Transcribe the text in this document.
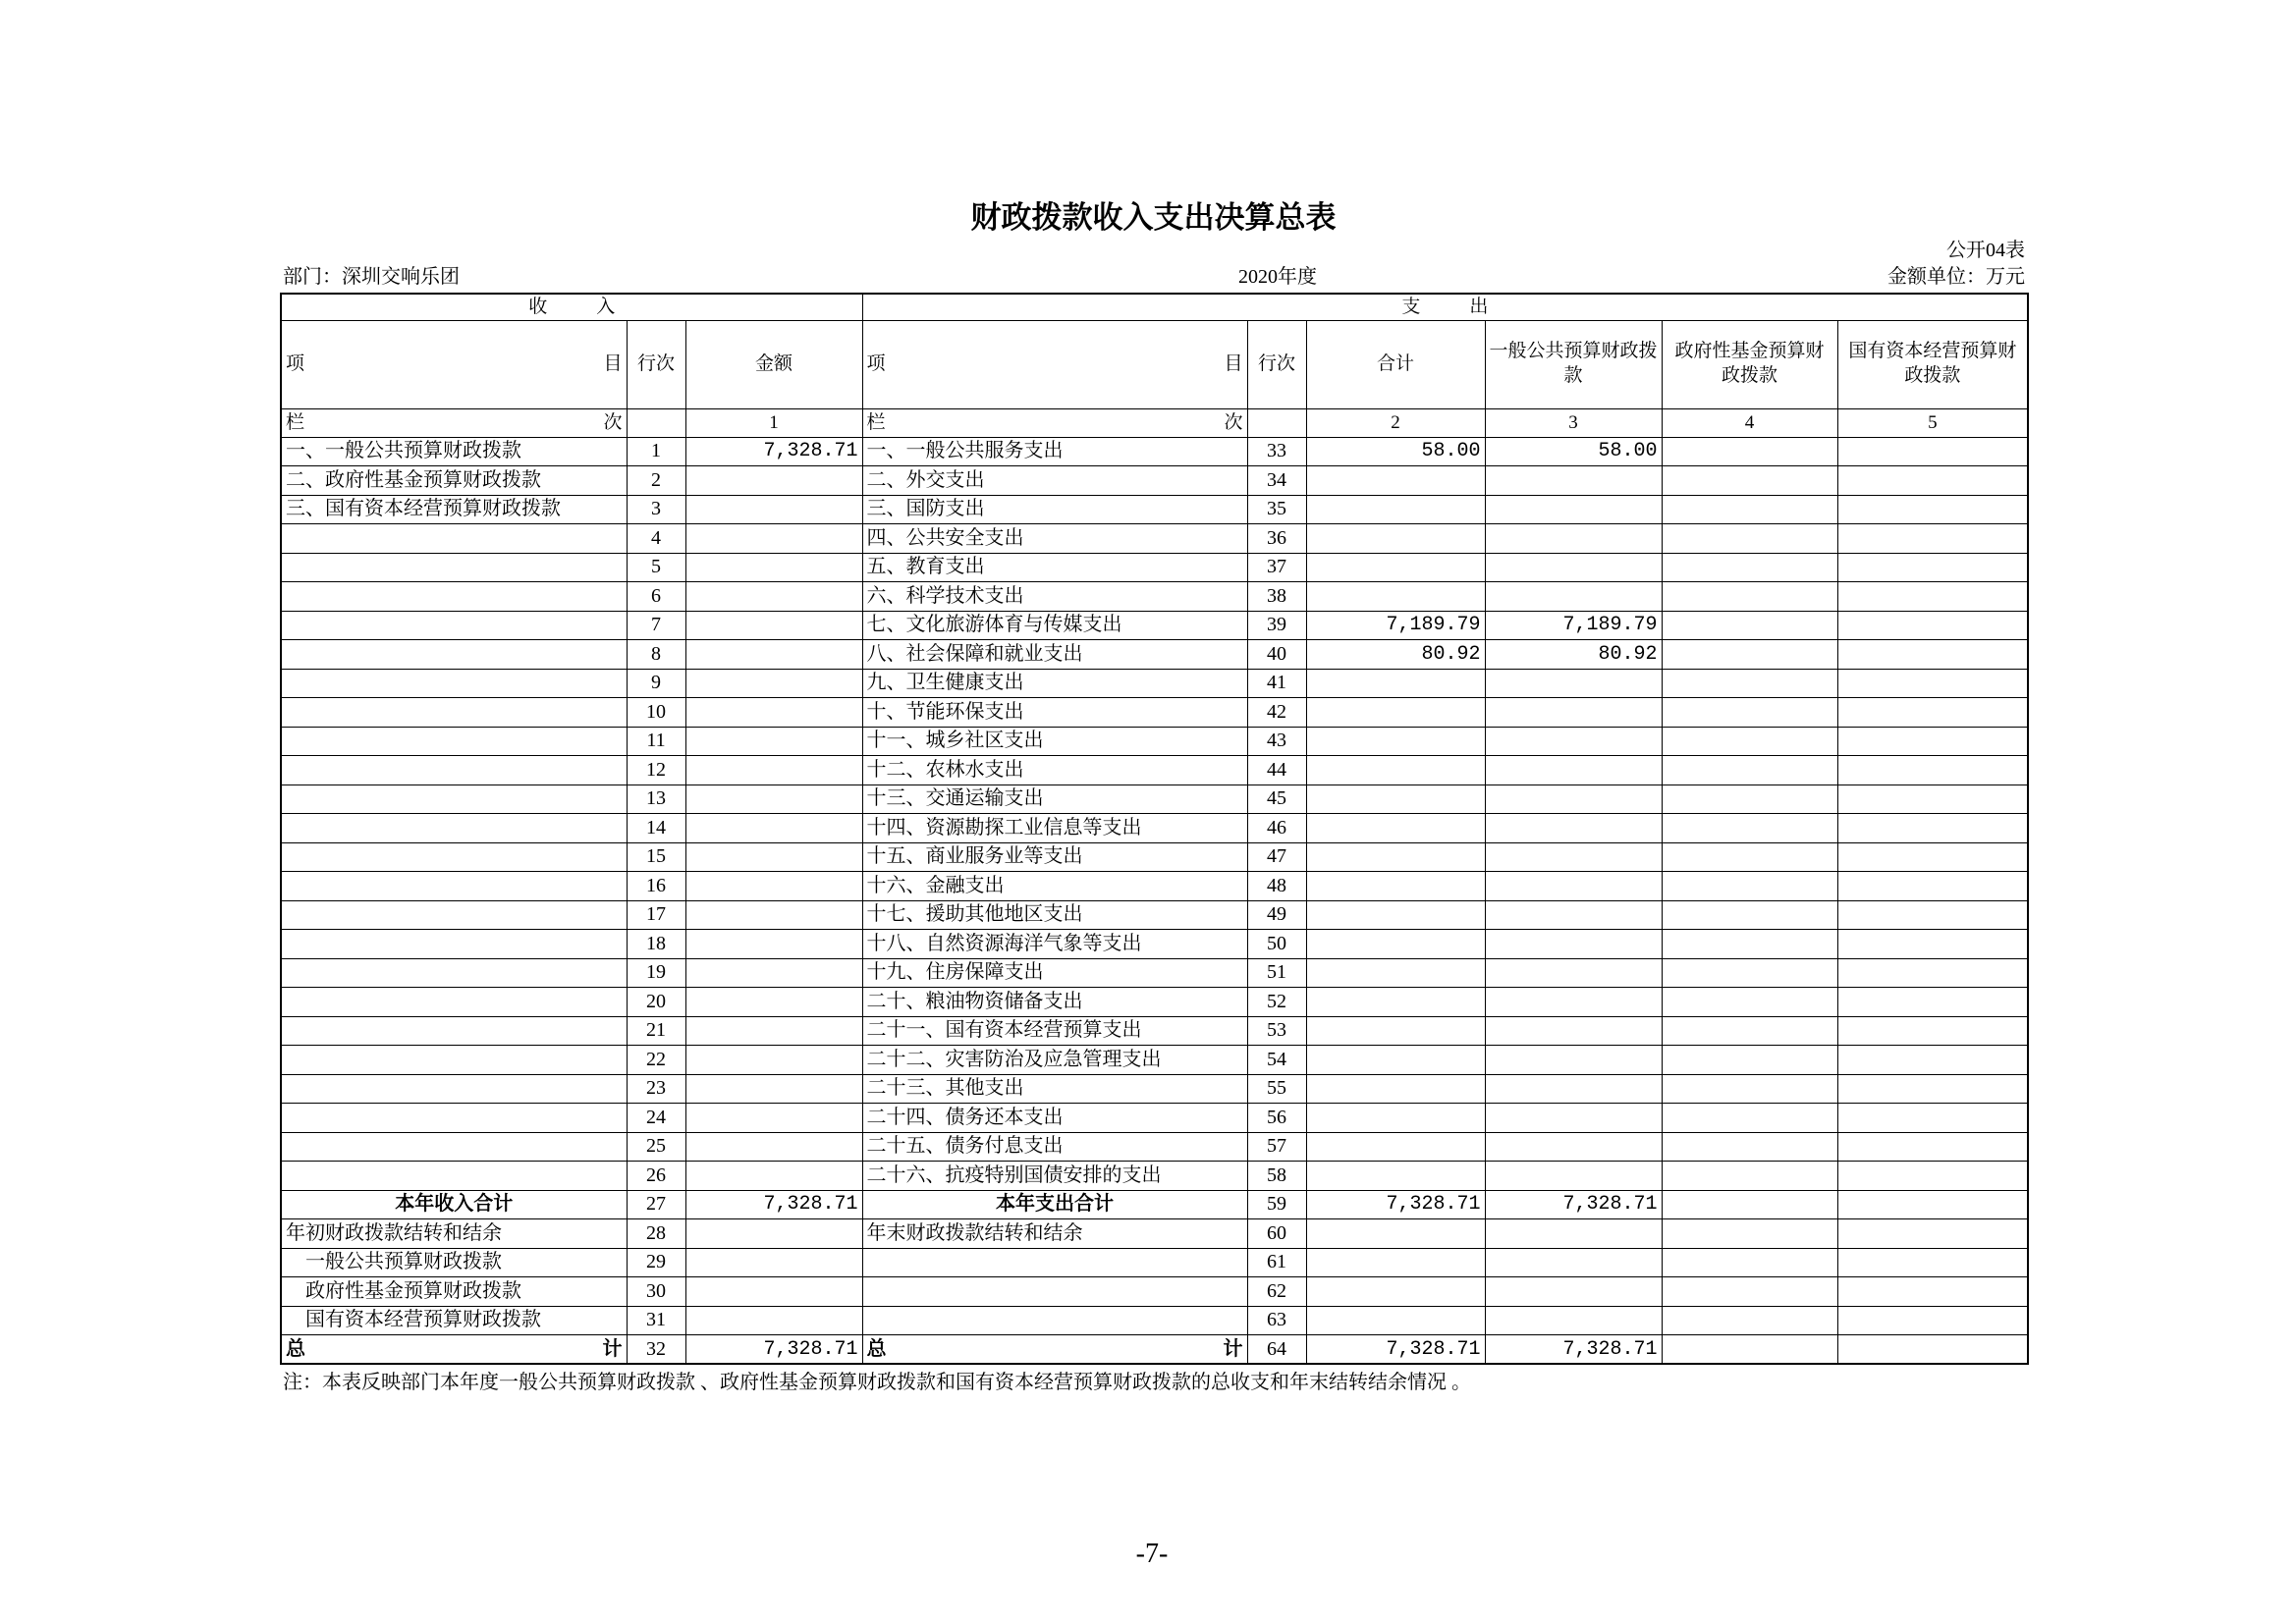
财政拨款收入支出决算总表
公开04表
部门：深圳交响乐团	2020年度	金额单位：万元
收入			支出					

项 目	行次	金额	项 目	行次	合计	一般公共预算财政拨款	政府性基金预算财政拨款	国有资本经营预算财政拨款

栏 次		1	栏 次		2	3	4	5
一、一般公共预算财政拨款	1	7,328.71	一、一般公共服务支出	33	58.00	58.00		
二、政府性基金预算财政拨款	2		二、外交支出	34				
三、国有资本经营预算财政拨款	3		三、国防支出	35				
	4		四、公共安全支出	36				
	5		五、教育支出	37				
	6		六、科学技术支出	38				
	7		七、文化旅游体育与传媒支出	39	7,189.79	7,189.79		
	8		八、社会保障和就业支出	40	80.92	80.92		
	9		九、卫生健康支出	41				
	10		十、节能环保支出	42				
	11		十一、城乡社区支出	43				
	12		十二、农林水支出	44				
	13		十三、交通运输支出	45				
	14		十四、资源勘探工业信息等支出	46				
	15		十五、商业服务业等支出	47				
	16		十六、金融支出	48				
	17		十七、援助其他地区支出	49				
	18		十八、自然资源海洋气象等支出	50				
	19		十九、住房保障支出	51				
	20		二十、粮油物资储备支出	52				
	21		二十一、国有资本经营预算支出	53				
	22		二十二、灾害防治及应急管理支出	54				
	23		二十三、其他支出	55				
	24		二十四、债务还本支出	56				
	25		二十五、债务付息支出	57				
	26		二十六、抗疫特别国债安排的支出	58				
本年收入合计	27	7,328.71	本年支出合计	59	7,328.71	7,328.71		
年初财政拨款结转和结余	28		年末财政拨款结转和结余	60				
一般公共预算财政拨款	29			61				
政府性基金预算财政拨款	30			62				
国有资本经营预算财政拨款	31			63				

总 计	32	7,328.71	总 计	64	7,328.71	7,328.71		
注：本表反映部门本年度一般公共预算财政拨款 、政府性基金预算财政拨款和国有资本经营预算财政拨款的总收支和年末结转结余情况 。
-7-
